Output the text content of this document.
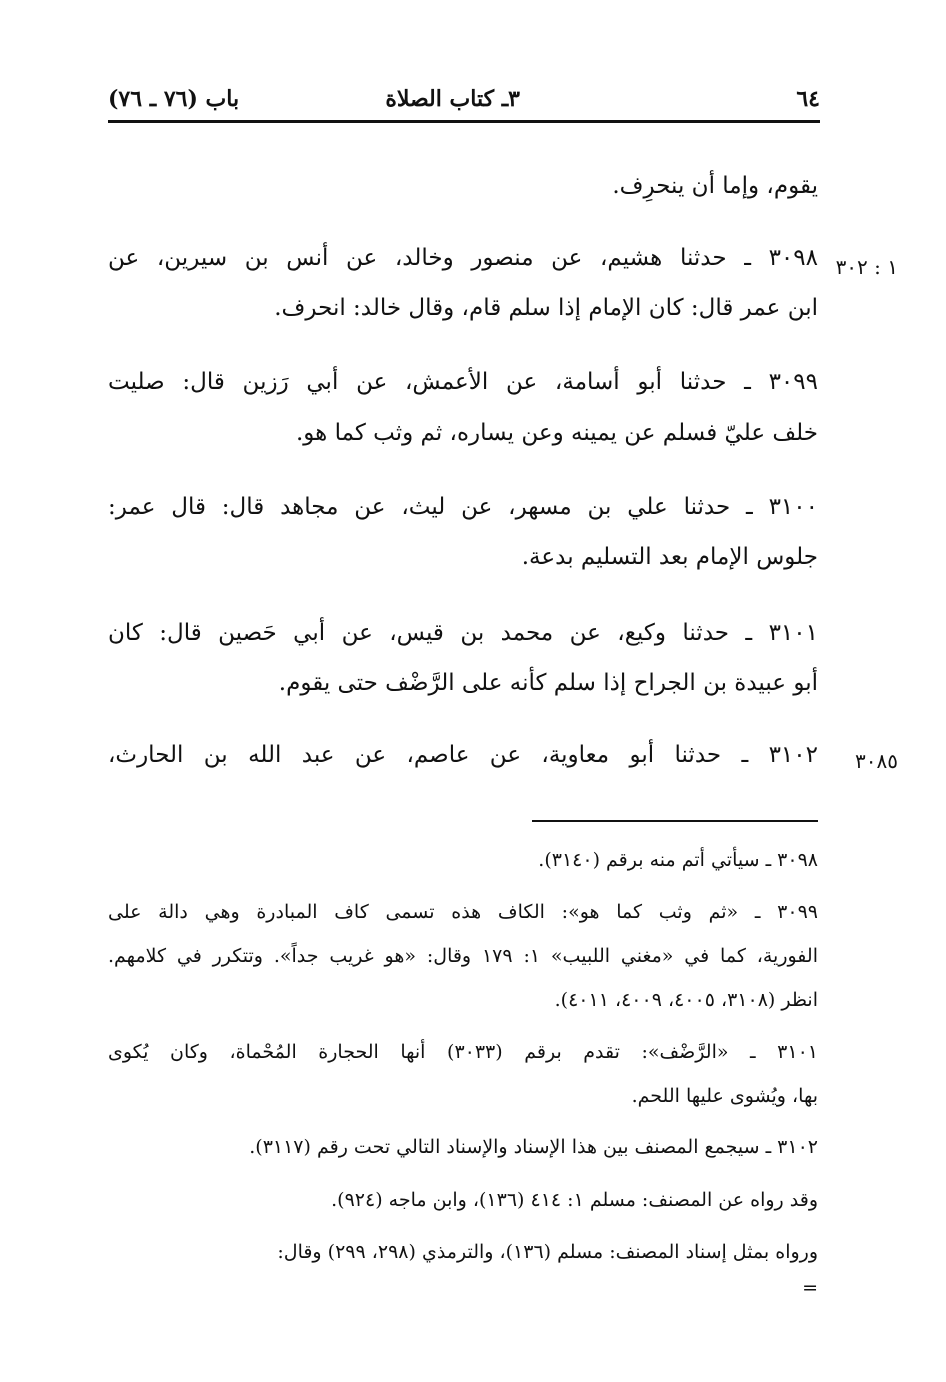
٦٤
٣ـ كتاب الصلاة
باب (٧٦ ـ ٧٦)
١ : ٣٠٢
٣٠٨٥
يقوم، وإما أن ينحرِف.
٣٠٩٨ ـ حدثنا هشيم، عن منصور وخالد، عن أنس بن سيرين، عن
ابن عمر قال: كان الإمام إذا سلم قام، وقال خالد: انحرف.
٣٠٩٩ ـ حدثنا أبو أسامة، عن الأعمش، عن أبي رَزين قال: صليت
خلف عليّ فسلم عن يمينه وعن يساره، ثم وثب كما هو.
٣١٠٠ ـ حدثنا علي بن مسهر، عن ليث، عن مجاهد قال: قال عمر:
جلوس الإمام بعد التسليم بدعة.
٣١٠١ ـ حدثنا وكيع، عن محمد بن قيس، عن أبي حَصين قال: كان
أبو عبيدة بن الجراح إذا سلم كأنه على الرَّضْف حتى يقوم.
٣١٠٢ ـ حدثنا أبو معاوية، عن عاصم، عن عبد الله بن الحارث،
٣٠٩٨ ـ سيأتي أتم منه برقم (٣١٤٠).
٣٠٩٩ ـ «ثم وثب كما هو»: الكاف هذه تسمى كاف المبادرة وهي دالة على
الفورية، كما في «مغني اللبيب» ١: ١٧٩ وقال: «هو غريب جداً». وتتكرر في كلامهم.
انظر (٣١٠٨، ٤٠٠٥، ٤٠٠٩، ٤٠١١).
٣١٠١ ـ «الرَّضْف»: تقدم برقم (٣٠٣٣) أنها الحجارة المُحْماة، وكان يُكوى
بها، ويُشوى عليها اللحم.
٣١٠٢ ـ سيجمع المصنف بين هذا الإسناد والإسناد التالي تحت رقم (٣١١٧).
وقد رواه عن المصنف: مسلم ١: ٤١٤ (١٣٦)، وابن ماجه (٩٢٤).
ورواه بمثل إسناد المصنف: مسلم (١٣٦)، والترمذي (٢٩٨، ٢٩٩) وقال:
=
